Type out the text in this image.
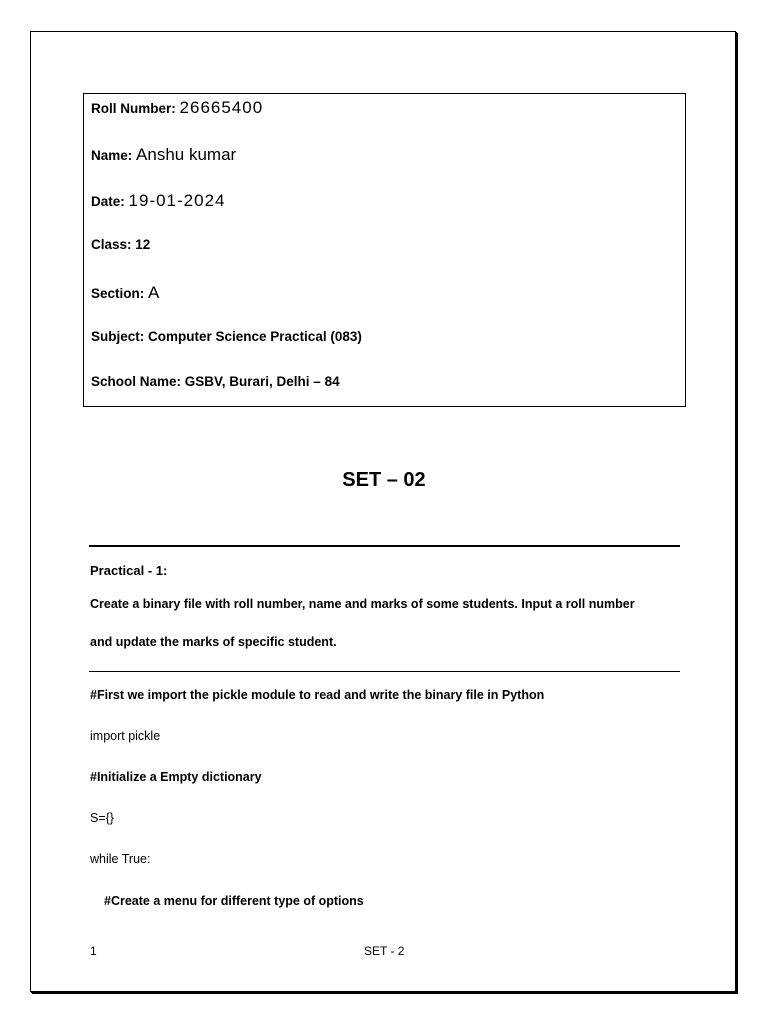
Roll Number: 26665400
Name: Anshu kumar
Date: 19-01-2024
Class: 12
Section: A
Subject: Computer Science Practical (083)
School Name: GSBV, Burari, Delhi – 84
SET – 02
Practical - 1:
Create a binary file with roll number, name and marks of some students. Input a roll number
and update the marks of specific student.
#First we import the pickle module to read and write the binary file in Python
import pickle
#Initialize a Empty dictionary
S={}
while True:
#Create a menu for different type of options
1	SET - 2
